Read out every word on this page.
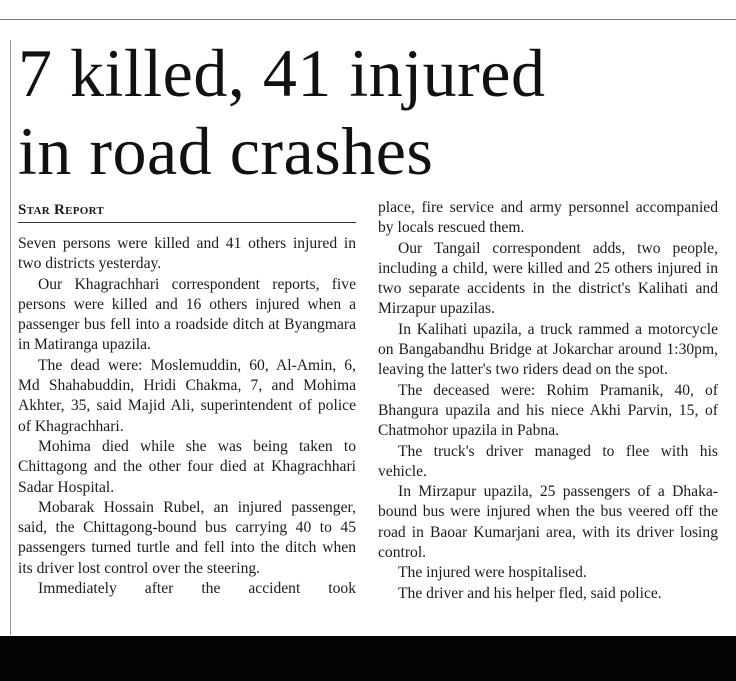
7 killed, 41 injured
in road crashes
Star Report

Seven persons were killed and 41 others injured in two districts yesterday.

Our Khagrachhari correspondent reports, five persons were killed and 16 others injured when a passenger bus fell into a roadside ditch at Byangmara in Matiranga upazila.

The dead were: Moslemuddin, 60, Al-Amin, 6, Md Shahabuddin, Hridi Chakma, 7, and Mohima Akhter, 35, said Majid Ali, superintendent of police of Khagrachhari.

Mohima died while she was being taken to Chittagong and the other four died at Khagrachhari Sadar Hospital.

Mobarak Hossain Rubel, an injured passenger, said, the Chittagong-bound bus carrying 40 to 45 passengers turned turtle and fell into the ditch when its driver lost control over the steering.

Immediately after the accident took

place, fire service and army personnel accompanied by locals rescued them.

Our Tangail correspondent adds, two people, including a child, were killed and 25 others injured in two separate accidents in the district's Kalihati and Mirzapur upazilas.

In Kalihati upazila, a truck rammed a motorcycle on Bangabandhu Bridge at Jokarchar around 1:30pm, leaving the latter's two riders dead on the spot.

The deceased were: Rohim Pramanik, 40, of Bhangura upazila and his niece Akhi Parvin, 15, of Chatmohor upazila in Pabna.

The truck's driver managed to flee with his vehicle.

In Mirzapur upazila, 25 passengers of a Dhaka-bound bus were injured when the bus veered off the road in Baoar Kumarjani area, with its driver losing control.

The injured were hospitalised.

The driver and his helper fled, said police.
